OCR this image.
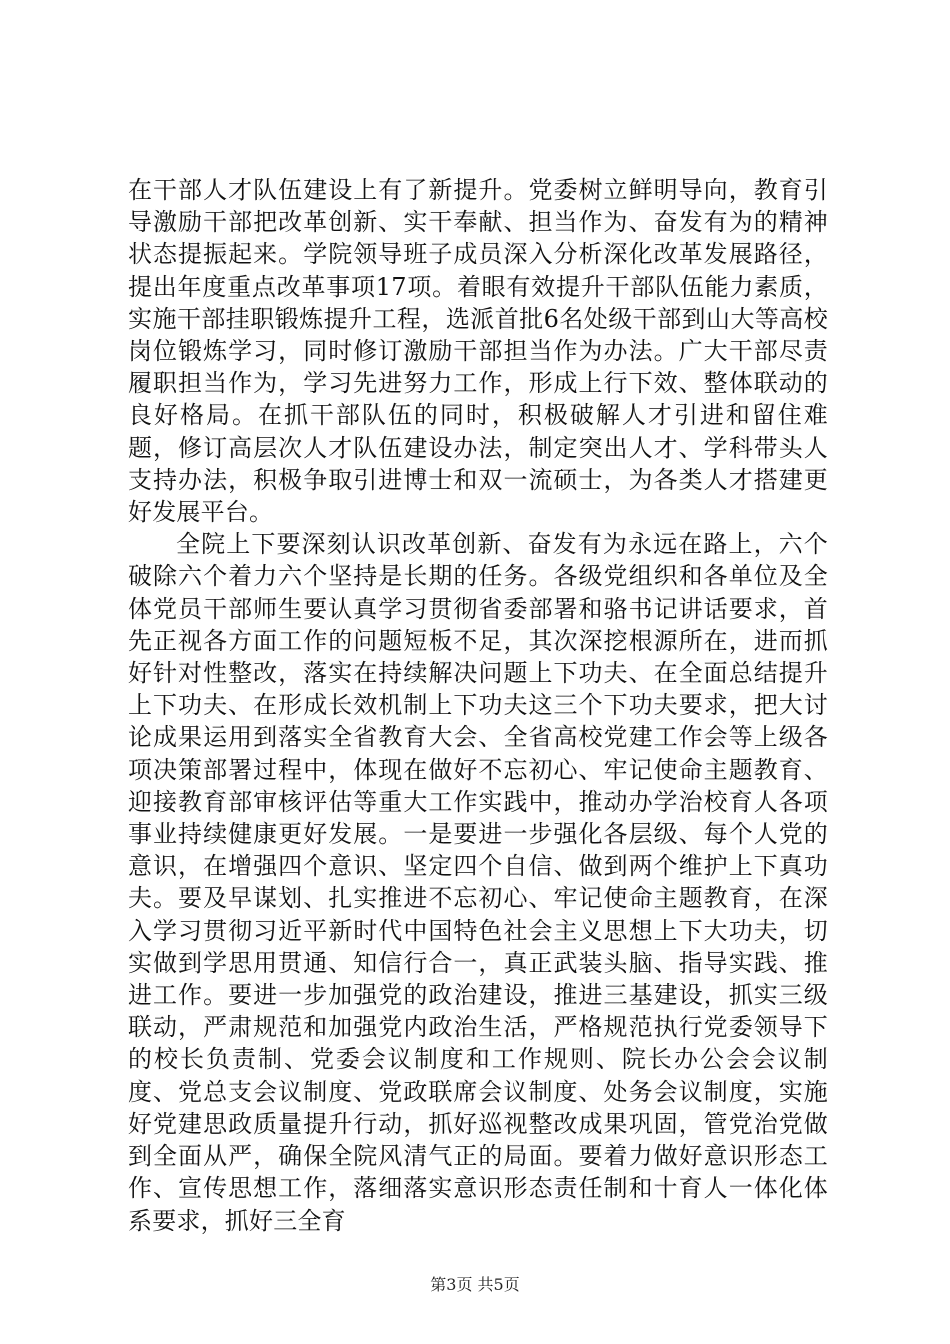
在干部人才队伍建设上有了新提升。党委树立鲜明导向，教育引导激励干部把改革创新、实干奉献、担当作为、奋发有为的精神状态提振起来。学院领导班子成员深入分析深化改革发展路径，提出年度重点改革事项17项。着眼有效提升干部队伍能力素质，实施干部挂职锻炼提升工程，选派首批6名处级干部到山大等高校岗位锻炼学习，同时修订激励干部担当作为办法。广大干部尽责履职担当作为，学习先进努力工作，形成上行下效、整体联动的良好格局。在抓干部队伍的同时，积极破解人才引进和留住难题，修订高层次人才队伍建设办法，制定突出人才、学科带头人支持办法，积极争取引进博士和双一流硕士，为各类人才搭建更好发展平台。

全院上下要深刻认识改革创新、奋发有为永远在路上，六个破除六个着力六个坚持是长期的任务。各级党组织和各单位及全体党员干部师生要认真学习贯彻省委部署和骆书记讲话要求，首先正视各方面工作的问题短板不足，其次深挖根源所在，进而抓好针对性整改，落实在持续解决问题上下功夫、在全面总结提升上下功夫、在形成长效机制上下功夫这三个下功夫要求，把大讨论成果运用到落实全省教育大会、全省高校党建工作会等上级各项决策部署过程中，体现在做好不忘初心、牢记使命主题教育、迎接教育部审核评估等重大工作实践中，推动办学治校育人各项事业持续健康更好发展。一是要进一步强化各层级、每个人党的意识，在增强四个意识、坚定四个自信、做到两个维护上下真功夫。要及早谋划、扎实推进不忘初心、牢记使命主题教育，在深入学习贯彻习近平新时代中国特色社会主义思想上下大功夫，切实做到学思用贯通、知信行合一，真正武装头脑、指导实践、推进工作。要进一步加强党的政治建设，推进三基建设，抓实三级联动，严肃规范和加强党内政治生活，严格规范执行党委领导下的校长负责制、党委会议制度和工作规则、院长办公会会议制度、党总支会议制度、党政联席会议制度、处务会议制度，实施好党建思政质量提升行动，抓好巡视整改成果巩固，管党治党做到全面从严，确保全院风清气正的局面。要着力做好意识形态工作、宣传思想工作，落细落实意识形态责任制和十育人一体化体系要求，抓好三全育

第3页 共5页
